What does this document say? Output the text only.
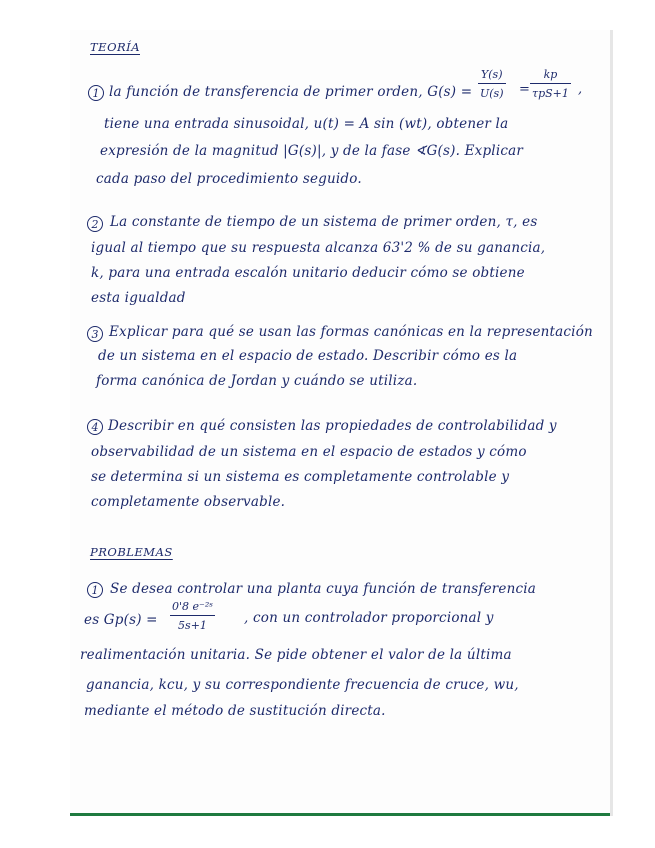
TEORÍA
1 la función de transferencia de primer orden, $G(s) = \frac{Y(s)}{U(s)}$ =
kp
τpS+1 ,
tiene una entrada sinusoidal, u(t) = A sin (wt), obtener la
expresión de la magnitud |G(s)|, y de la fase ∢G(s). Explicar
cada paso del procedimiento seguido.
2 La constante de tiempo de un sistema de primer orden, τ, es
igual al tiempo que su respuesta alcanza 63'2 % de su ganancia,
k, para una entrada escalón unitario deducir cómo se obtiene
esta igualdad
3 Explicar para qué se usan las formas canónicas en la representación
de un sistema en el espacio de estado. Describir cómo es la
forma canónica de Jordan y cuándo se utiliza.
4 Describir en qué consisten las propiedades de controlabilidad y
observabilidad de un sistema en el espacio de estados y cómo
se determina si un sistema es completamente controlable y
completamente observable.
PROBLEMAS
1 Se desea controlar una planta cuya función de transferencia
es $Gp(s) = \frac{\text{0'8 e⁻²ˢ}}{5s+1}$ , con un controlador proporcional y
realimentación unitaria. Se pide obtener el valor de la última
ganancia, kcu, y su correspondiente frecuencia de cruce, wu,
mediante el método de sustitución directa.
